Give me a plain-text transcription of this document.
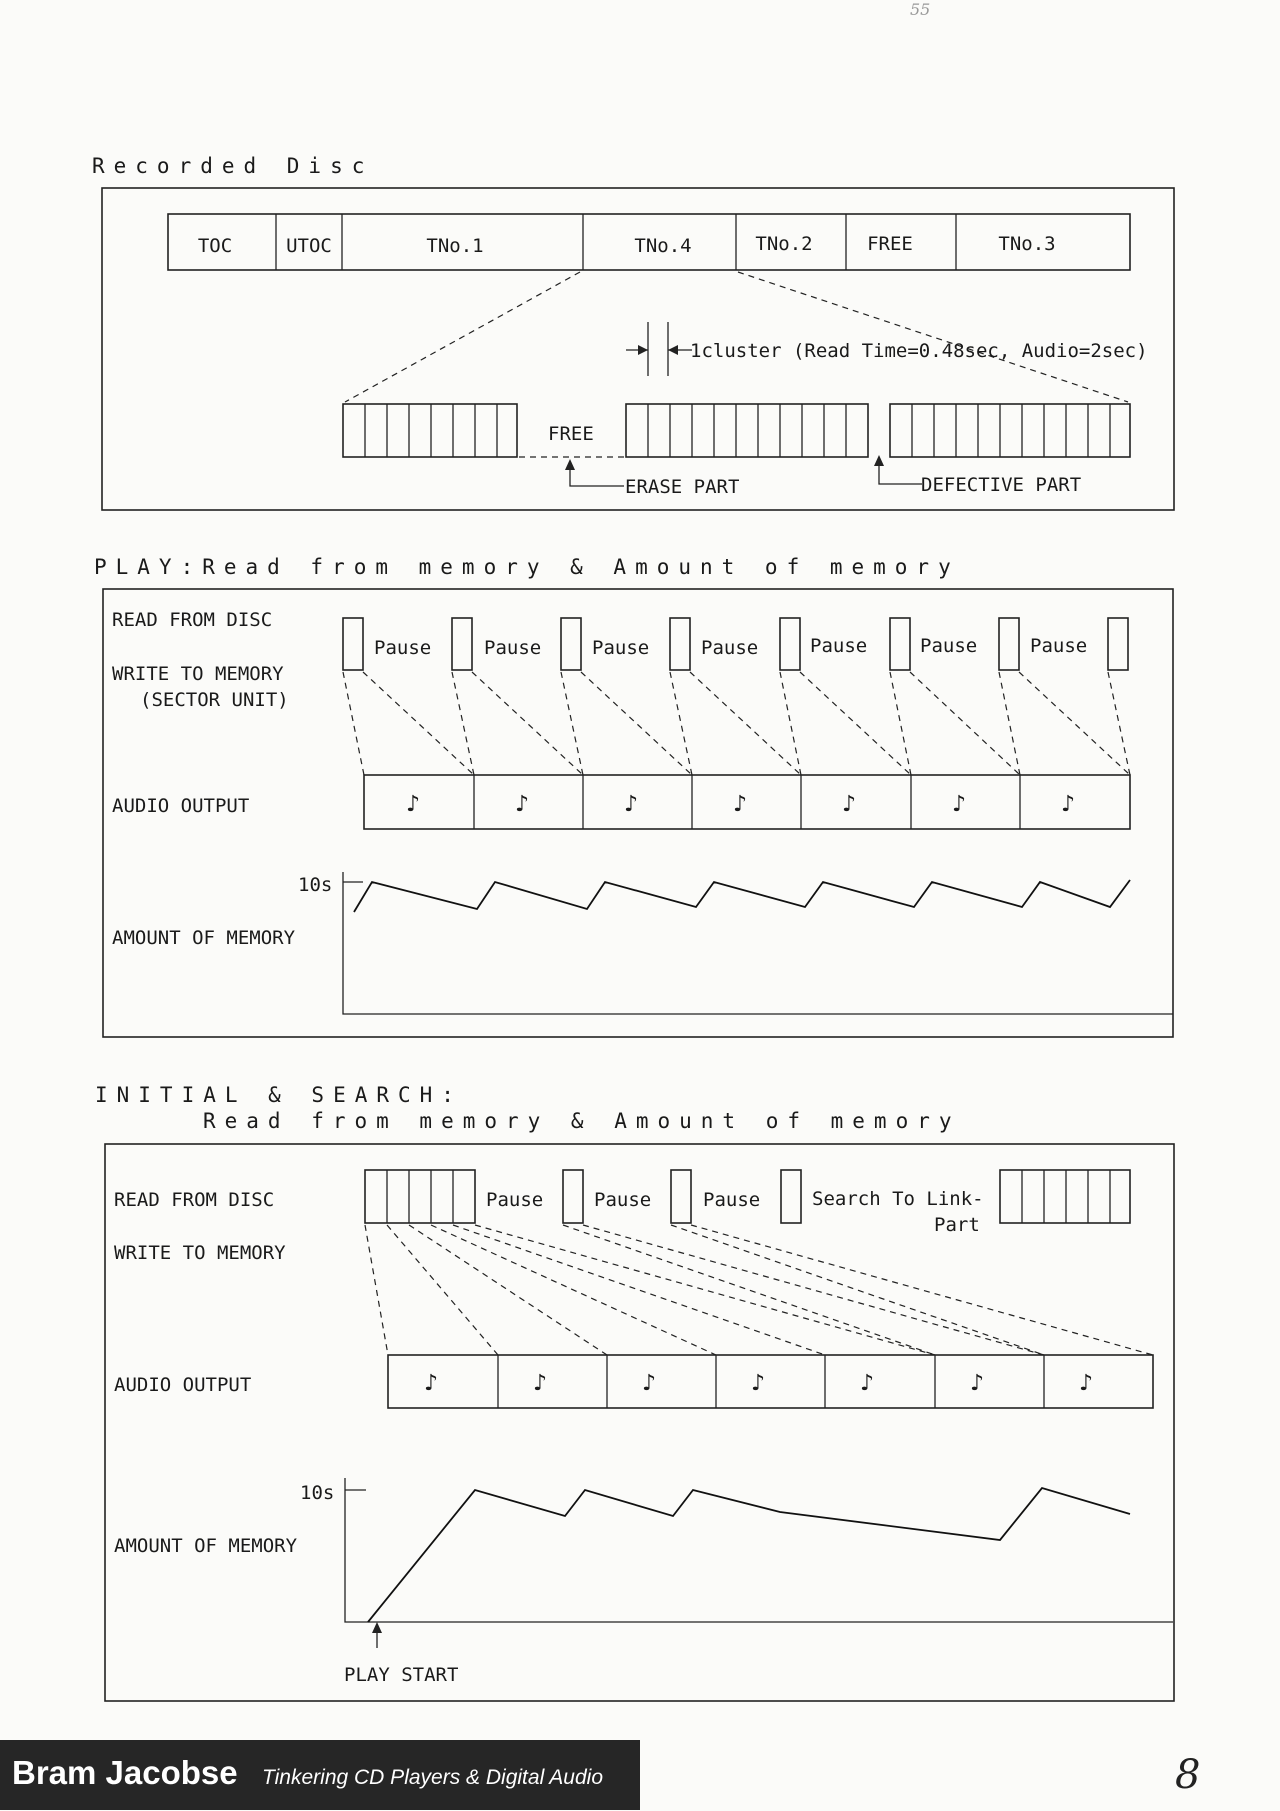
55
Recorded Disc
TOC	UTOC	TNo.1	TNo.4	TNo.2	FREE	TNo.3
1cluster (Read Time=0.48sec, Audio=2sec)
FREE
ERASE PART	DEFECTIVE PART
PLAY:Read from memory & Amount of memory
READ FROM DISC
WRITE TO MEMORY
(SECTOR UNIT)
AUDIO OUTPUT
AMOUNT OF MEMORY
10s
Pause	Pause	Pause	Pause	Pause	Pause	Pause
♪	♪	♪	♪	♪	♪	♪
INITIAL & SEARCH:
Read from memory & Amount of memory
READ FROM DISC
WRITE TO MEMORY
AUDIO OUTPUT
AMOUNT OF MEMORY
10s
Pause	Pause	Pause	Search To Link-
Part
♪	♪	♪	♪	♪	♪	♪
PLAY START
8
Bram Jacobse Tinkering CD Players & Digital Audio
